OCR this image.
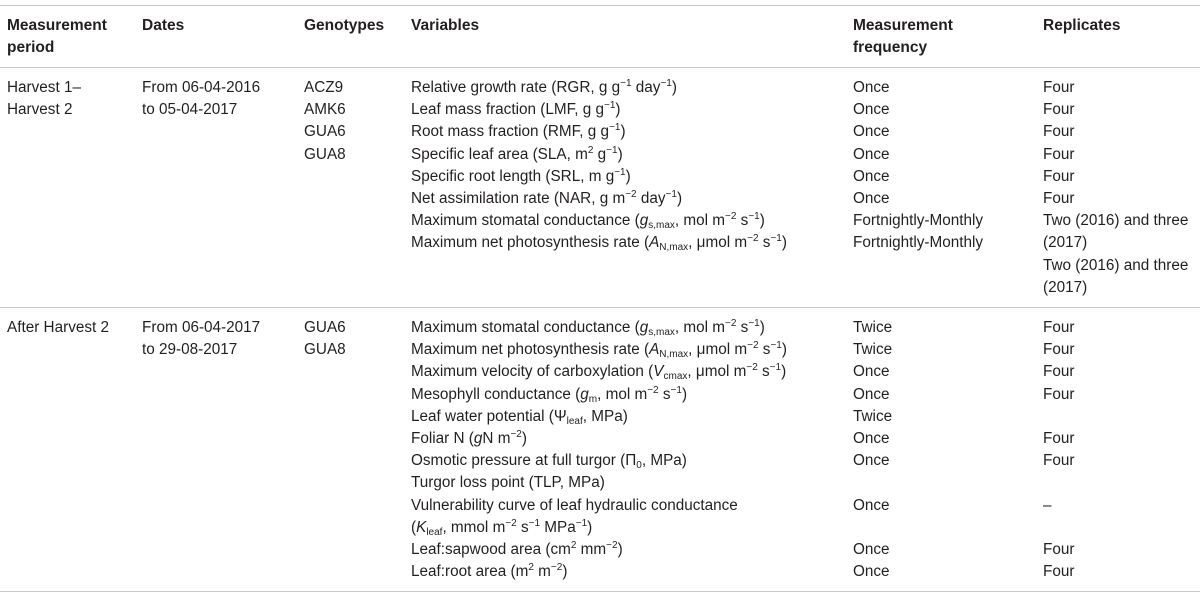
Measurement
period
Dates	Genotypes Variables	Measurement
frequency
Replicates
Harvest 1–
Harvest 2
From 06-04-2016
to 05-04-2017
ACZ9
AMK6
GUA6
GUA8
Relative growth rate (RGR, g $g^{-1}$ day$^{-1}$)
Leaf mass fraction (LMF, g $g^{-1}$)
Root mass fraction (RMF, g $g^{-1}$)
Specific leaf area (SLA, $m^2$ $g^{-1}$)
Specific root length (SRL, m $g^{-1}$)
Net assimilation rate (NAR, g $m^{-2}$ day$^{-1}$)
Maximum stomatal conductance ($g_{s,max}$, mol $m^{-2}$ $s^{-1}$)
Maximum net photosynthesis rate ($A_{N,max}$, μmol $m^{-2}$ $s^{-1}$)
Once
Once
Once
Once
Once
Once
Fortnightly-Monthly
Fortnightly-Monthly
Four
Four
Four
Four
Four
Four
Two (2016) and three
(2017)
Two (2016) and three
(2017)
After Harvest 2 From 06-04-2017
to 29-08-2017
GUA6
GUA8
Maximum stomatal conductance ($g_{s,max}$, mol $m^{-2}$ $s^{-1}$)
Maximum net photosynthesis rate ($A_{N,max}$, μmol $m^{-2}$ $s^{-1}$)
Maximum velocity of carboxylation ($V_{cmax}$, μmol $m^{-2}$ $s^{-1}$)
Mesophyll conductance ($g_m$, mol $m^{-2}$ $s^{-1}$)
Leaf water potential ($\Psi_{leaf}$, MPa)
Foliar N (gN $m^{-2}$)
Osmotic pressure at full turgor ($\Pi_0$, MPa)
Turgor loss point (TLP, MPa)
Vulnerability curve of leaf hydraulic conductance
($K_{leaf}$, mmol $m^{-2}$ $s^{-1}$ MPa$^{-1}$)
Leaf:sapwood area ($cm^2$ $mm^{-2}$)
Leaf:root area ($m^2$ $m^{-2}$)
Twice
Twice
Once
Once
Twice
Once
Once
Once
Once
Once
Four
Four
Four
Four
Four
Four
–
Four
Four
